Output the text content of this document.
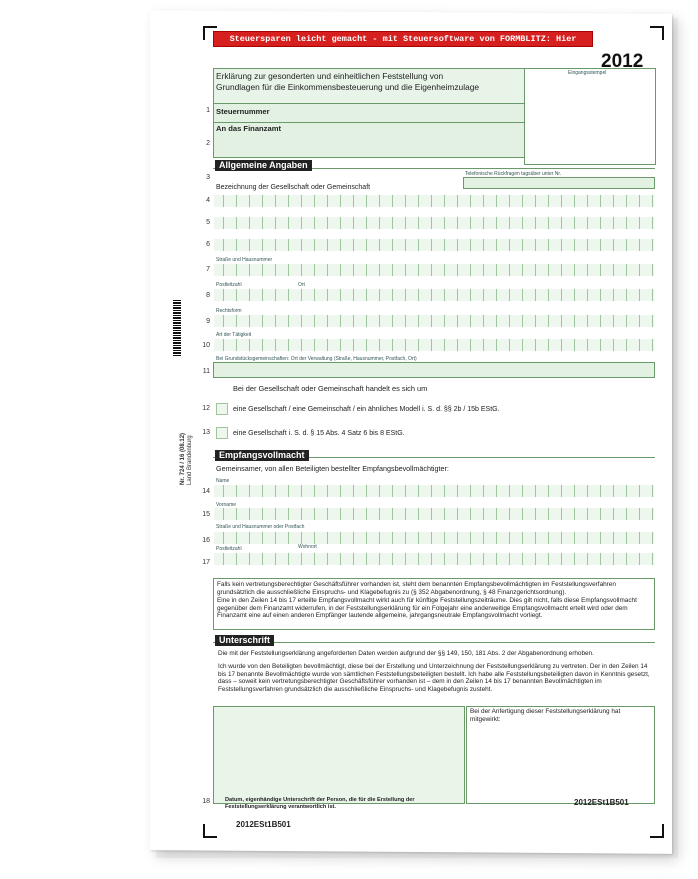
Nr. 724 / 16 (08.12) Land Brandenburg
Steuersparen leicht gemacht - mit Steuersoftware von FORMBLITZ: Hier klicken!	2012
Erklärung zur gesonderten und einheitlichen Feststellung von
Grundlagen für die Einkommensbesteuerung und die Eigenheimzulage
Eingangsstempel
1 Steuernummer
2
An das Finanzamt
Allgemeine Angaben
3	Telefonische Rückfragen tagsüber unter Nr.
Bezeichnung der Gesellschaft oder Gemeinschaft
4
5
6
Straße und Hausnummer
7
Postleitzahl	Ort
8
Rechtsform
9
Art der Tätigkeit
10
Bei Grundstücksgemeinschaften: Ort der Verwaltung (Straße, Hausnummer, Postfach, Ort)
11
Bei der Gesellschaft oder Gemeinschaft handelt es sich um
12	eine Gesellschaft / eine Gemeinschaft / ein ähnliches Modell i. S. d. §§ 2b / 15b EStG.
13	eine Gesellschaft i. S. d. § 15 Abs. 4 Satz 6 bis 8 EStG.
Empfangsvollmacht
Gemeinsamer, von allen Beteiligten bestellter Empfangsbevollmächtigter:
Name
14
Vorname
15
Straße und Hausnummer oder Postfach
16
Postleitzahl	Wohnort
17
Falls kein vertretungsberechtigter Geschäftsführer vorhanden ist, steht dem benannten Empfangsbevollmächtigten im Feststellungsverfahren grundsätzlich die ausschließliche Einspruchs- und Klagebefugnis zu (§ 352 Abgabenordnung, § 48 Finanzgerichtsordnung).
Eine in den Zeilen 14 bis 17 erteilte Empfangsvollmacht wirkt auch für künftige Feststellungszeiträume. Dies gilt nicht, falls diese Empfangsvollmacht gegenüber dem Finanzamt widerrufen, in der Feststellungserklärung für ein Folgejahr eine anderweitige Empfangsvollmacht erteilt wird oder dem Finanzamt eine auf einen anderen Empfänger lautende allgemeine, jahrgangsneutrale Empfangsvollmacht vorliegt.
Unterschrift
Die mit der Feststellungserklärung angeforderten Daten werden aufgrund der §§ 149, 150, 181 Abs. 2 der Abgabenordnung erhoben.
Ich wurde von den Beteiligten bevollmächtigt, diese bei der Erstellung und Unterzeichnung der Feststellungserklärung zu vertreten. Der in den Zeilen 14 bis 17 benannte Bevollmächtigte wurde von sämtlichen Feststellungsbeteiligten bestellt. Ich habe alle Feststellungsbeteiligten davon in Kenntnis gesetzt, dass – soweit kein vertretungsberechtigter Geschäftsführer vorhanden ist – dem in den Zeilen 14 bis 17 benannten Bevollmächtigten im Feststellungsverfahren grundsätzlich die ausschließliche Einspruchs- und Klagebefugnis zusteht.
Bei der Anfertigung dieser Feststellungserklärung hat mitgewirkt:
18	Datum, eigenhändige Unterschrift der Person, die für die Erstellung der Feststellungserklärung verantwortlich ist.	2012ESt1B501
2012ESt1B501
